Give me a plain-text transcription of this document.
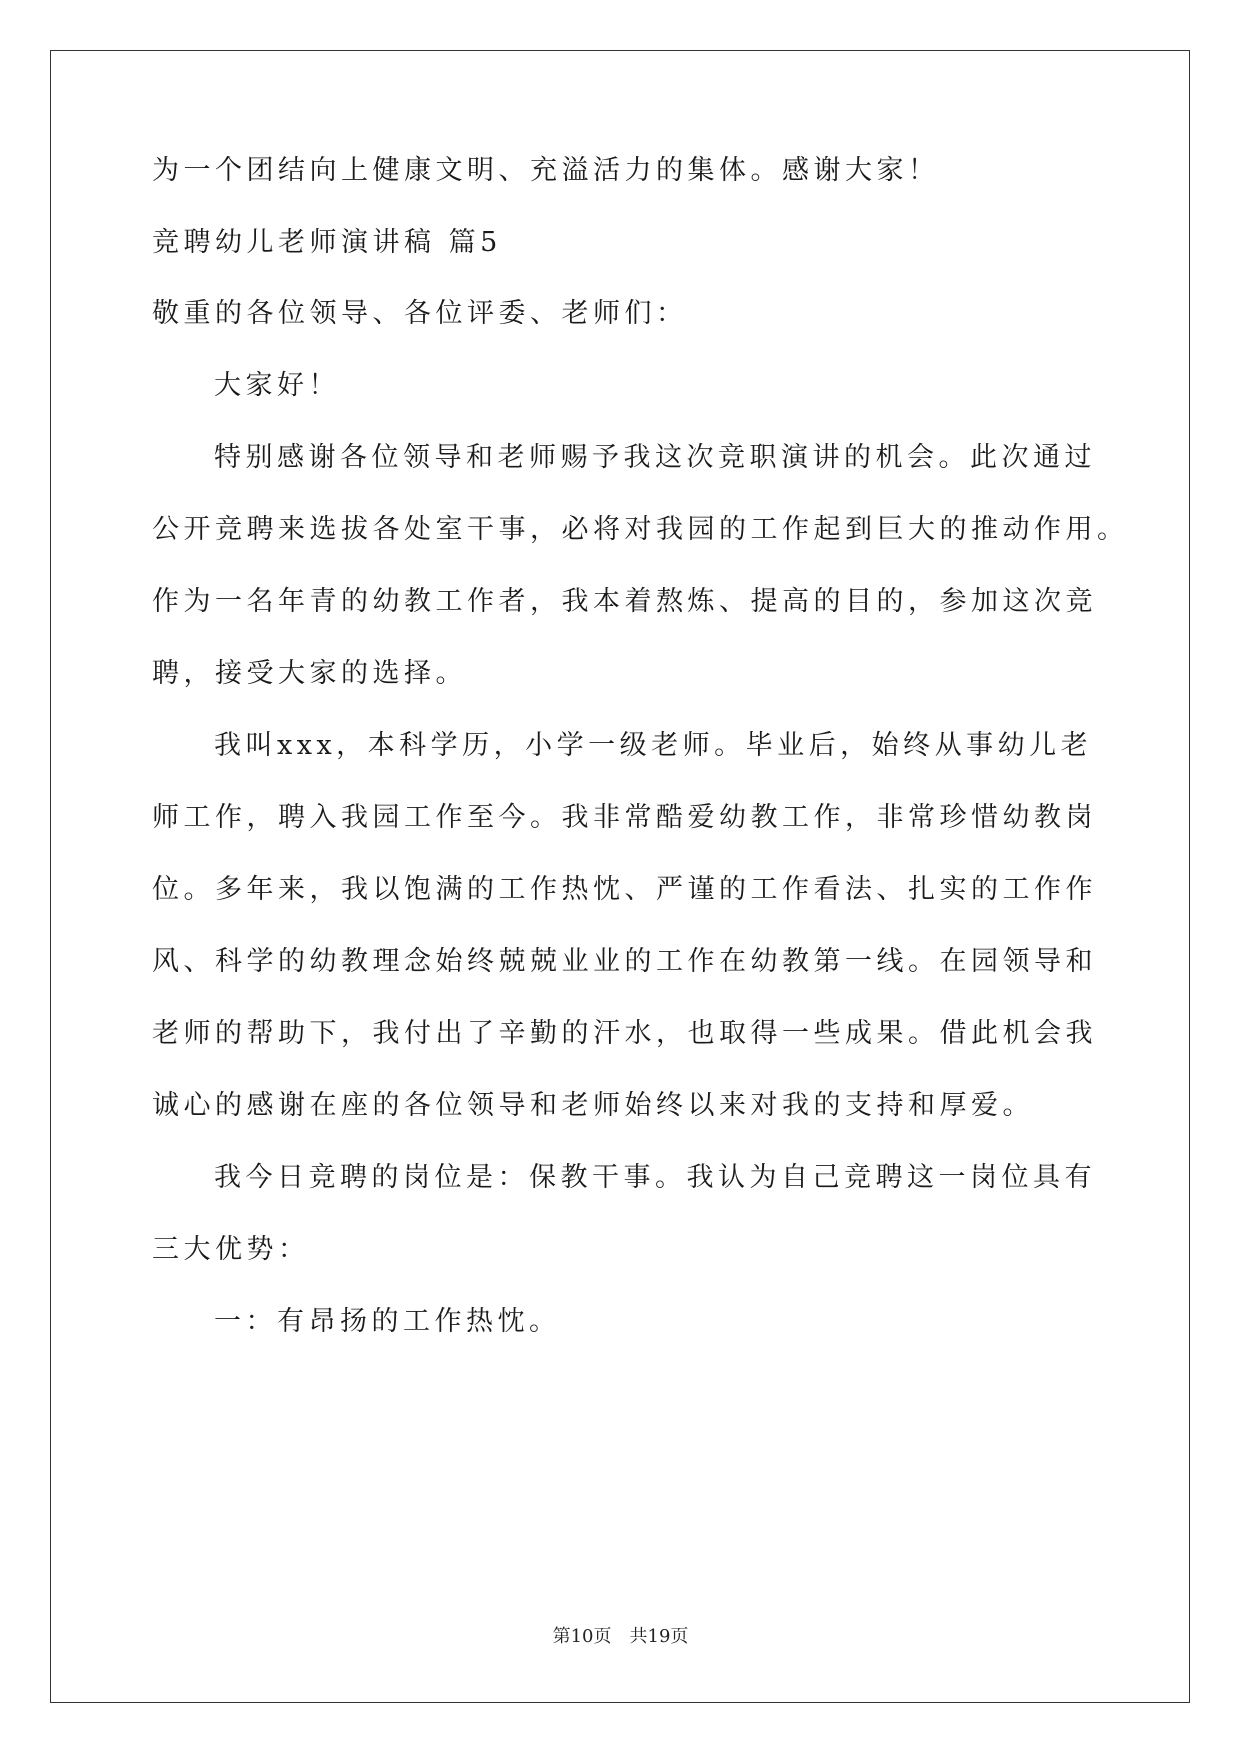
为一个团结向上健康文明、充溢活力的集体。感谢大家！
竞聘幼儿老师演讲稿 篇5
敬重的各位领导、各位评委、老师们：
大家好！
特别感谢各位领导和老师赐予我这次竞职演讲的机会。此次通过
公开竞聘来选拔各处室干事，必将对我园的工作起到巨大的推动作用。
作为一名年青的幼教工作者，我本着熬炼、提高的目的，参加这次竞
聘，接受大家的选择。
我叫xxx，本科学历，小学一级老师。毕业后，始终从事幼儿老
师工作，聘入我园工作至今。我非常酷爱幼教工作，非常珍惜幼教岗
位。多年来，我以饱满的工作热忱、严谨的工作看法、扎实的工作作
风、科学的幼教理念始终兢兢业业的工作在幼教第一线。在园领导和
老师的帮助下，我付出了辛勤的汗水，也取得一些成果。借此机会我
诚心的感谢在座的各位领导和老师始终以来对我的支持和厚爱。
我今日竞聘的岗位是：保教干事。我认为自己竞聘这一岗位具有
三大优势：
一：有昂扬的工作热忱。
第10页　共19页
